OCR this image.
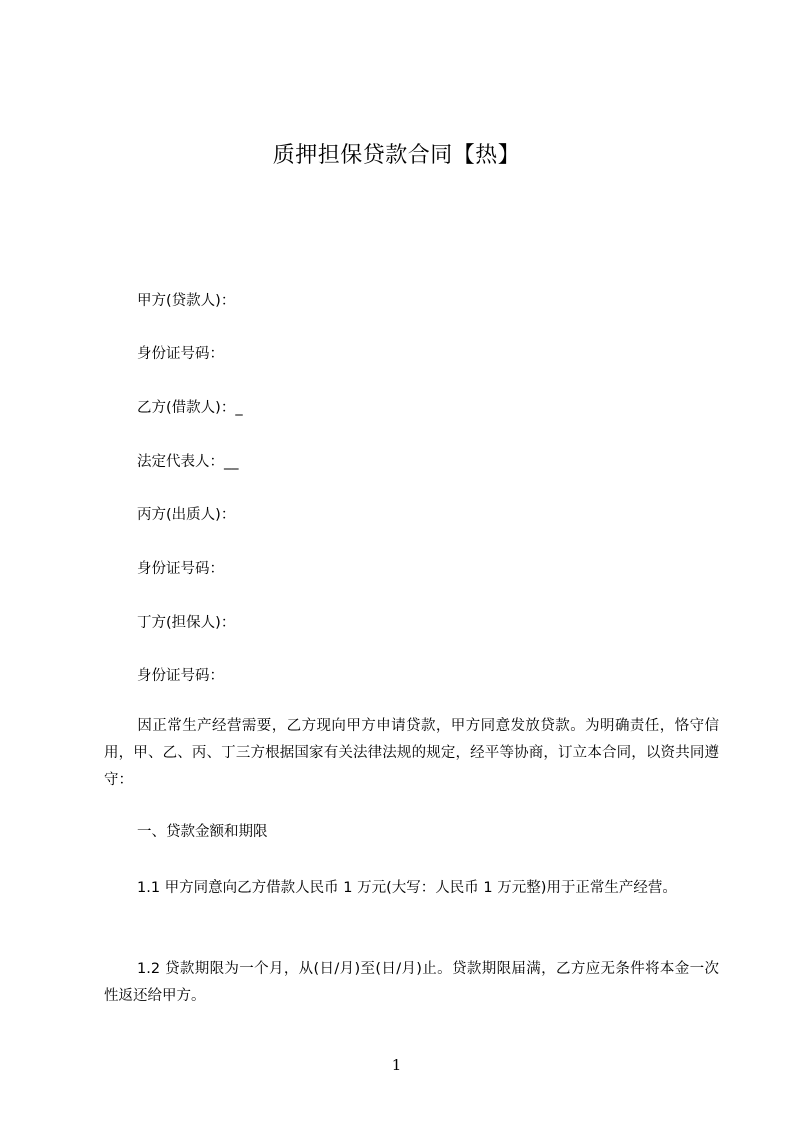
质押担保贷款合同【热】
甲方(贷款人)：
身份证号码：
乙方(借款人)：_
法定代表人：__
丙方(出质人)：
身份证号码：
丁方(担保人)：
身份证号码：
因正常生产经营需要，乙方现向甲方申请贷款，甲方同意发放贷款。为明确责任，恪守信用，甲、乙、丙、丁三方根据国家有关法律法规的规定，经平等协商，订立本合同，以资共同遵守：
一、贷款金额和期限
1.1 甲方同意向乙方借款人民币 1 万元(大写：人民币 1 万元整)用于正常生产经营。
1.2 贷款期限为一个月，从(日/月)至(日/月)止。贷款期限届满，乙方应无条件将本金一次性返还给甲方。
1
